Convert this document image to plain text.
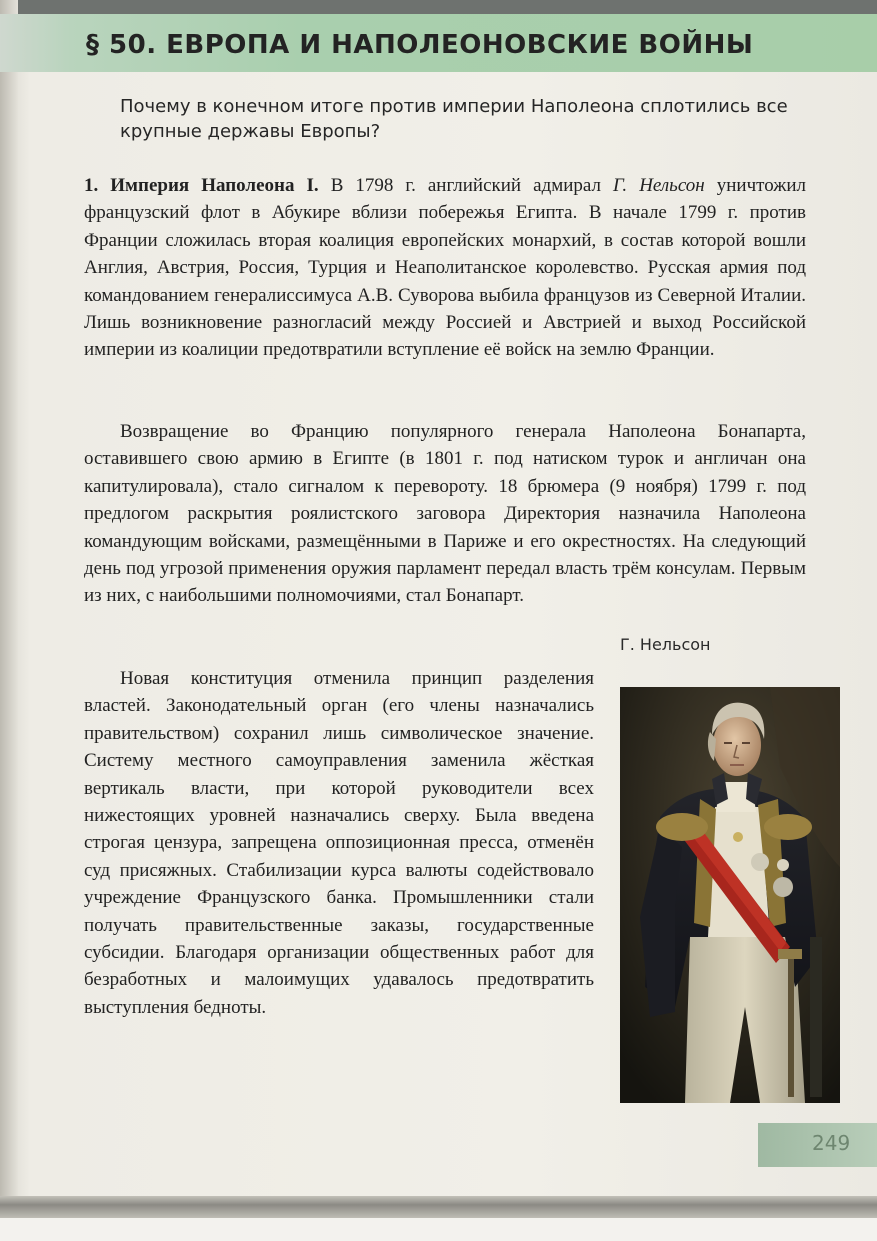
§ 50. ЕВРОПА И НАПОЛЕОНОВСКИЕ ВОЙНЫ
Почему в конечном итоге против империи Наполеона сплотились все крупные державы Европы?

1. Империя Наполеона I. В 1798 г. английский адмирал Г. Нельсон уничтожил французский флот в Абукире вблизи побережья Египта. В начале 1799 г. против Франции сложилась вторая коалиция европейских монархий, в состав которой вошли Англия, Австрия, Россия, Турция и Неаполитанское королевство. Русская армия под командованием генералиссимуса А.В. Суворова выбила французов из Северной Италии. Лишь возникновение разногласий между Россией и Австрией и выход Российской империи из коалиции предотвратили вступление её войск на землю Франции.

Возвращение во Францию популярного генерала Наполеона Бонапарта, оставившего свою армию в Египте (в 1801 г. под натиском турок и англичан она капитулировала), стало сигналом к перевороту. 18 брюмера (9 ноября) 1799 г. под предлогом раскрытия роялистского заговора Директория назначила Наполеона командующим войсками, размещёнными в Париже и его окрестностях. На следующий день под угрозой применения оружия парламент передал власть трём консулам. Первым из них, с наибольшими полномочиями, стал Бонапарт.

Г. Нельсон

Новая конституция отменила принцип разделения властей. Законодательный орган (его члены назначались правительством) сохранил лишь символическое значение. Систему местного самоуправления заменила жёсткая вертикаль власти, при которой руководители всех нижестоящих уровней назначались сверху. Была введена строгая цензура, запрещена оппозиционная пресса, отменён суд присяжных. Стабилизации курса валюты содействовало учреждение Французского банка. Промышленники стали получать правительственные заказы, государственные субсидии. Благодаря организации общественных работ для безработных и малоимущих удавалось предотвратить выступления бедноты.

249
